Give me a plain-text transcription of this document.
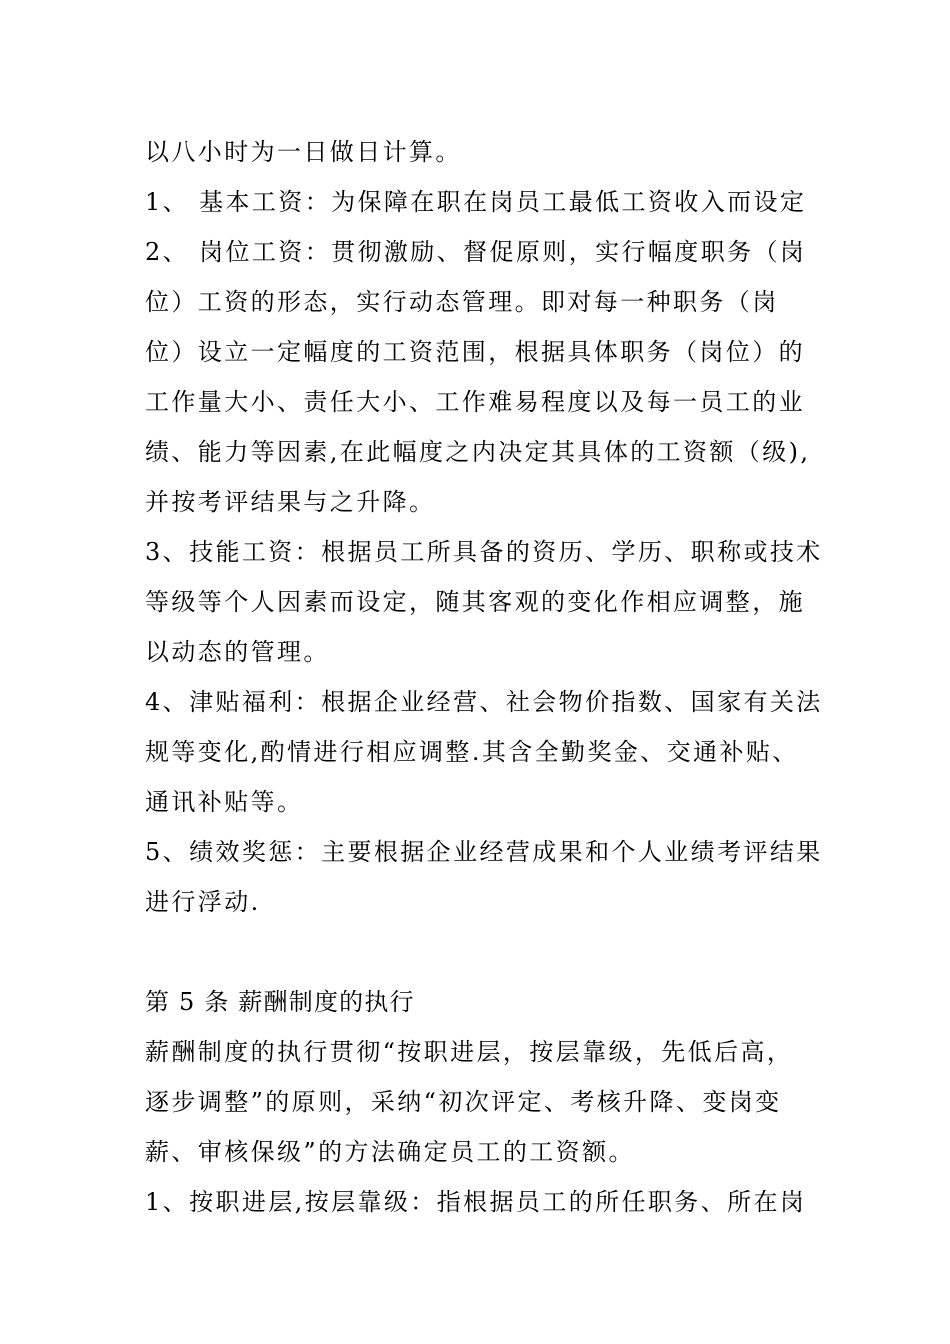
以八小时为一日做日计算。
1、 基本工资：为保障在职在岗员工最低工资收入而设定
2、 岗位工资：贯彻激励、督促原则，实行幅度职务（岗
位）工资的形态，实行动态管理。即对每一种职务（岗
位）设立一定幅度的工资范围，根据具体职务（岗位）的
工作量大小、责任大小、工作难易程度以及每一员工的业
绩、能力等因素,在此幅度之内决定其具体的工资额（级),
并按考评结果与之升降。
3、技能工资：根据员工所具备的资历、学历、职称或技术
等级等个人因素而设定，随其客观的变化作相应调整，施
以动态的管理。
4、津贴福利：根据企业经营、社会物价指数、国家有关法
规等变化,酌情进行相应调整.其含全勤奖金、交通补贴、
通讯补贴等。
5、绩效奖惩：主要根据企业经营成果和个人业绩考评结果
进行浮动.
第 5 条 薪酬制度的执行
薪酬制度的执行贯彻“按职进层，按层靠级，先低后高，
逐步调整”的原则，采纳“初次评定、考核升降、变岗变
薪、审核保级”的方法确定员工的工资额。
1、按职进层,按层靠级：指根据员工的所任职务、所在岗
